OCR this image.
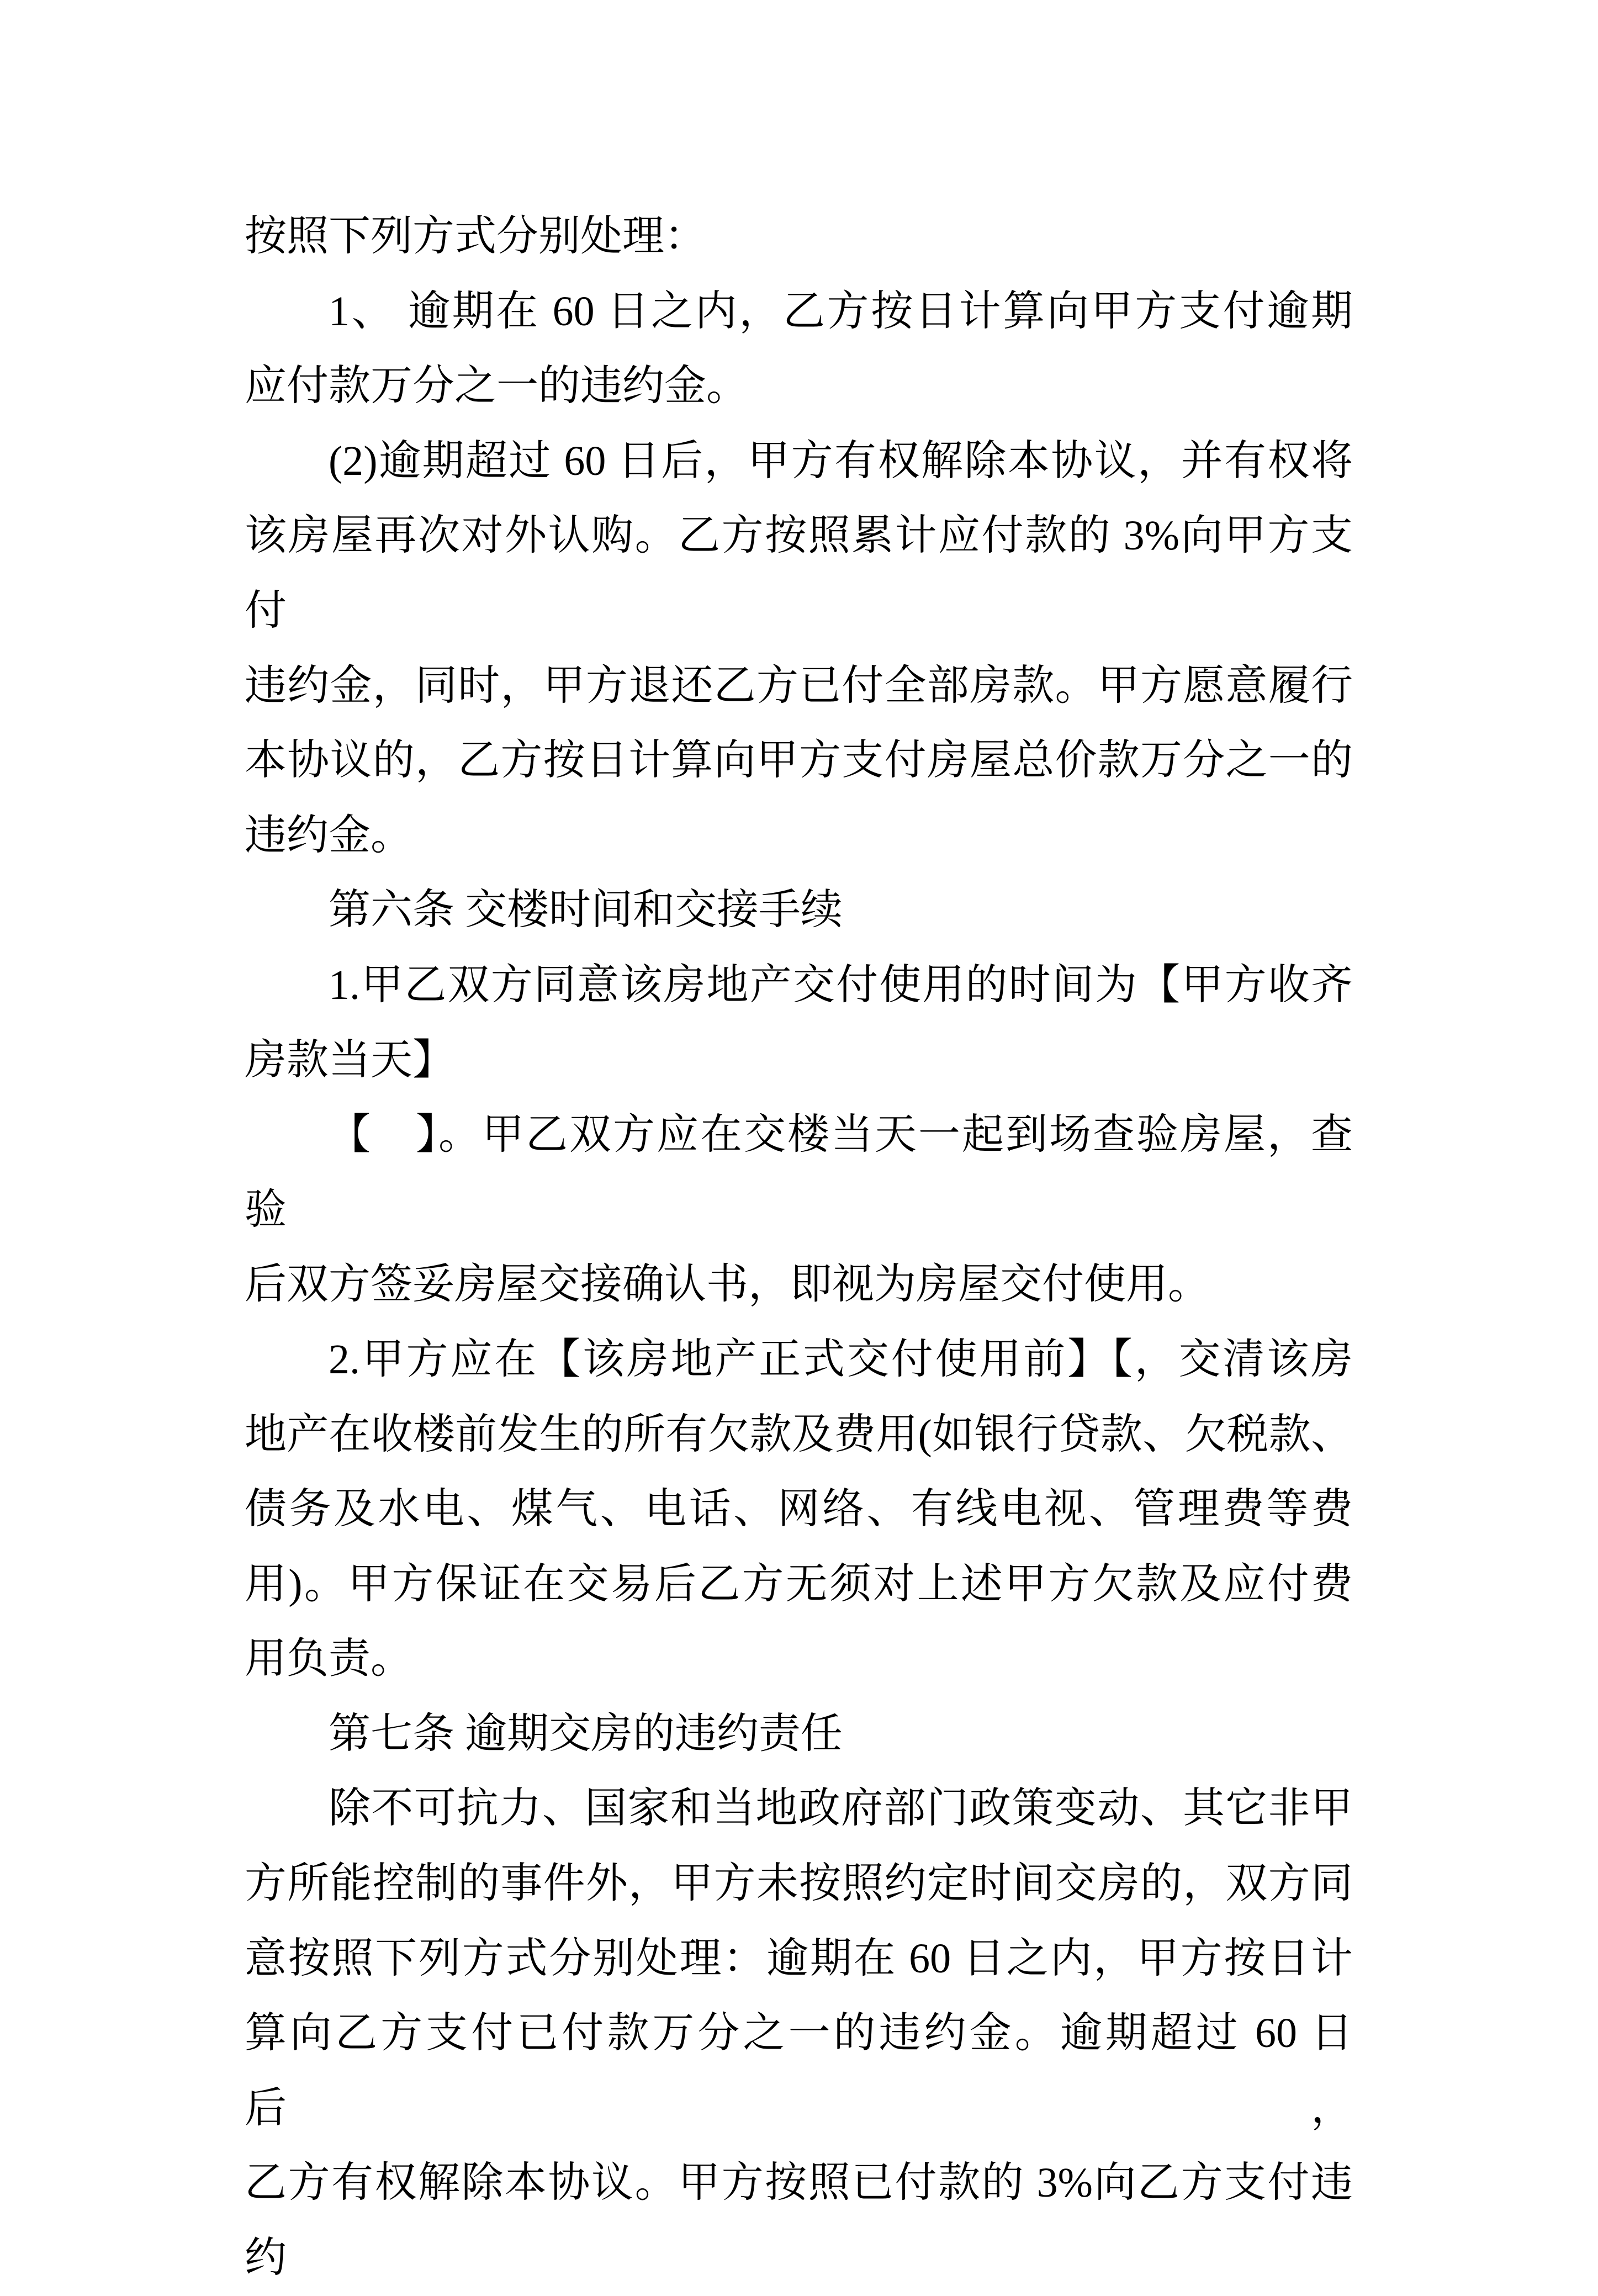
按照下列方式分别处理：
1、 逾期在 60 日之内，乙方按日计算向甲方支付逾期
应付款万分之一的违约金。
(2)逾期超过 60 日后，甲方有权解除本协议，并有权将
该房屋再次对外认购。乙方按照累计应付款的 3%向甲方支付
违约金，同时，甲方退还乙方已付全部房款。甲方愿意履行
本协议的，乙方按日计算向甲方支付房屋总价款万分之一的
违约金。
第六条 交楼时间和交接手续
1.甲乙双方同意该房地产交付使用的时间为【甲方收齐
房款当天】
【　】。甲乙双方应在交楼当天一起到场查验房屋，查验
后双方签妥房屋交接确认书，即视为房屋交付使用。
2.甲方应在【该房地产正式交付使用前】【，交清该房
地产在收楼前发生的所有欠款及费用(如银行贷款、欠税款、
债务及水电、煤气、电话、网络、有线电视、管理费等费
用)。甲方保证在交易后乙方无须对上述甲方欠款及应付费
用负责。
第七条 逾期交房的违约责任
除不可抗力、国家和当地政府部门政策变动、其它非甲
方所能控制的事件外，甲方未按照约定时间交房的，双方同
意按照下列方式分别处理：逾期在 60 日之内，甲方按日计
算向乙方支付已付款万分之一的违约金。逾期超过 60 日后，
乙方有权解除本协议。甲方按照已付款的 3%向乙方支付违约
